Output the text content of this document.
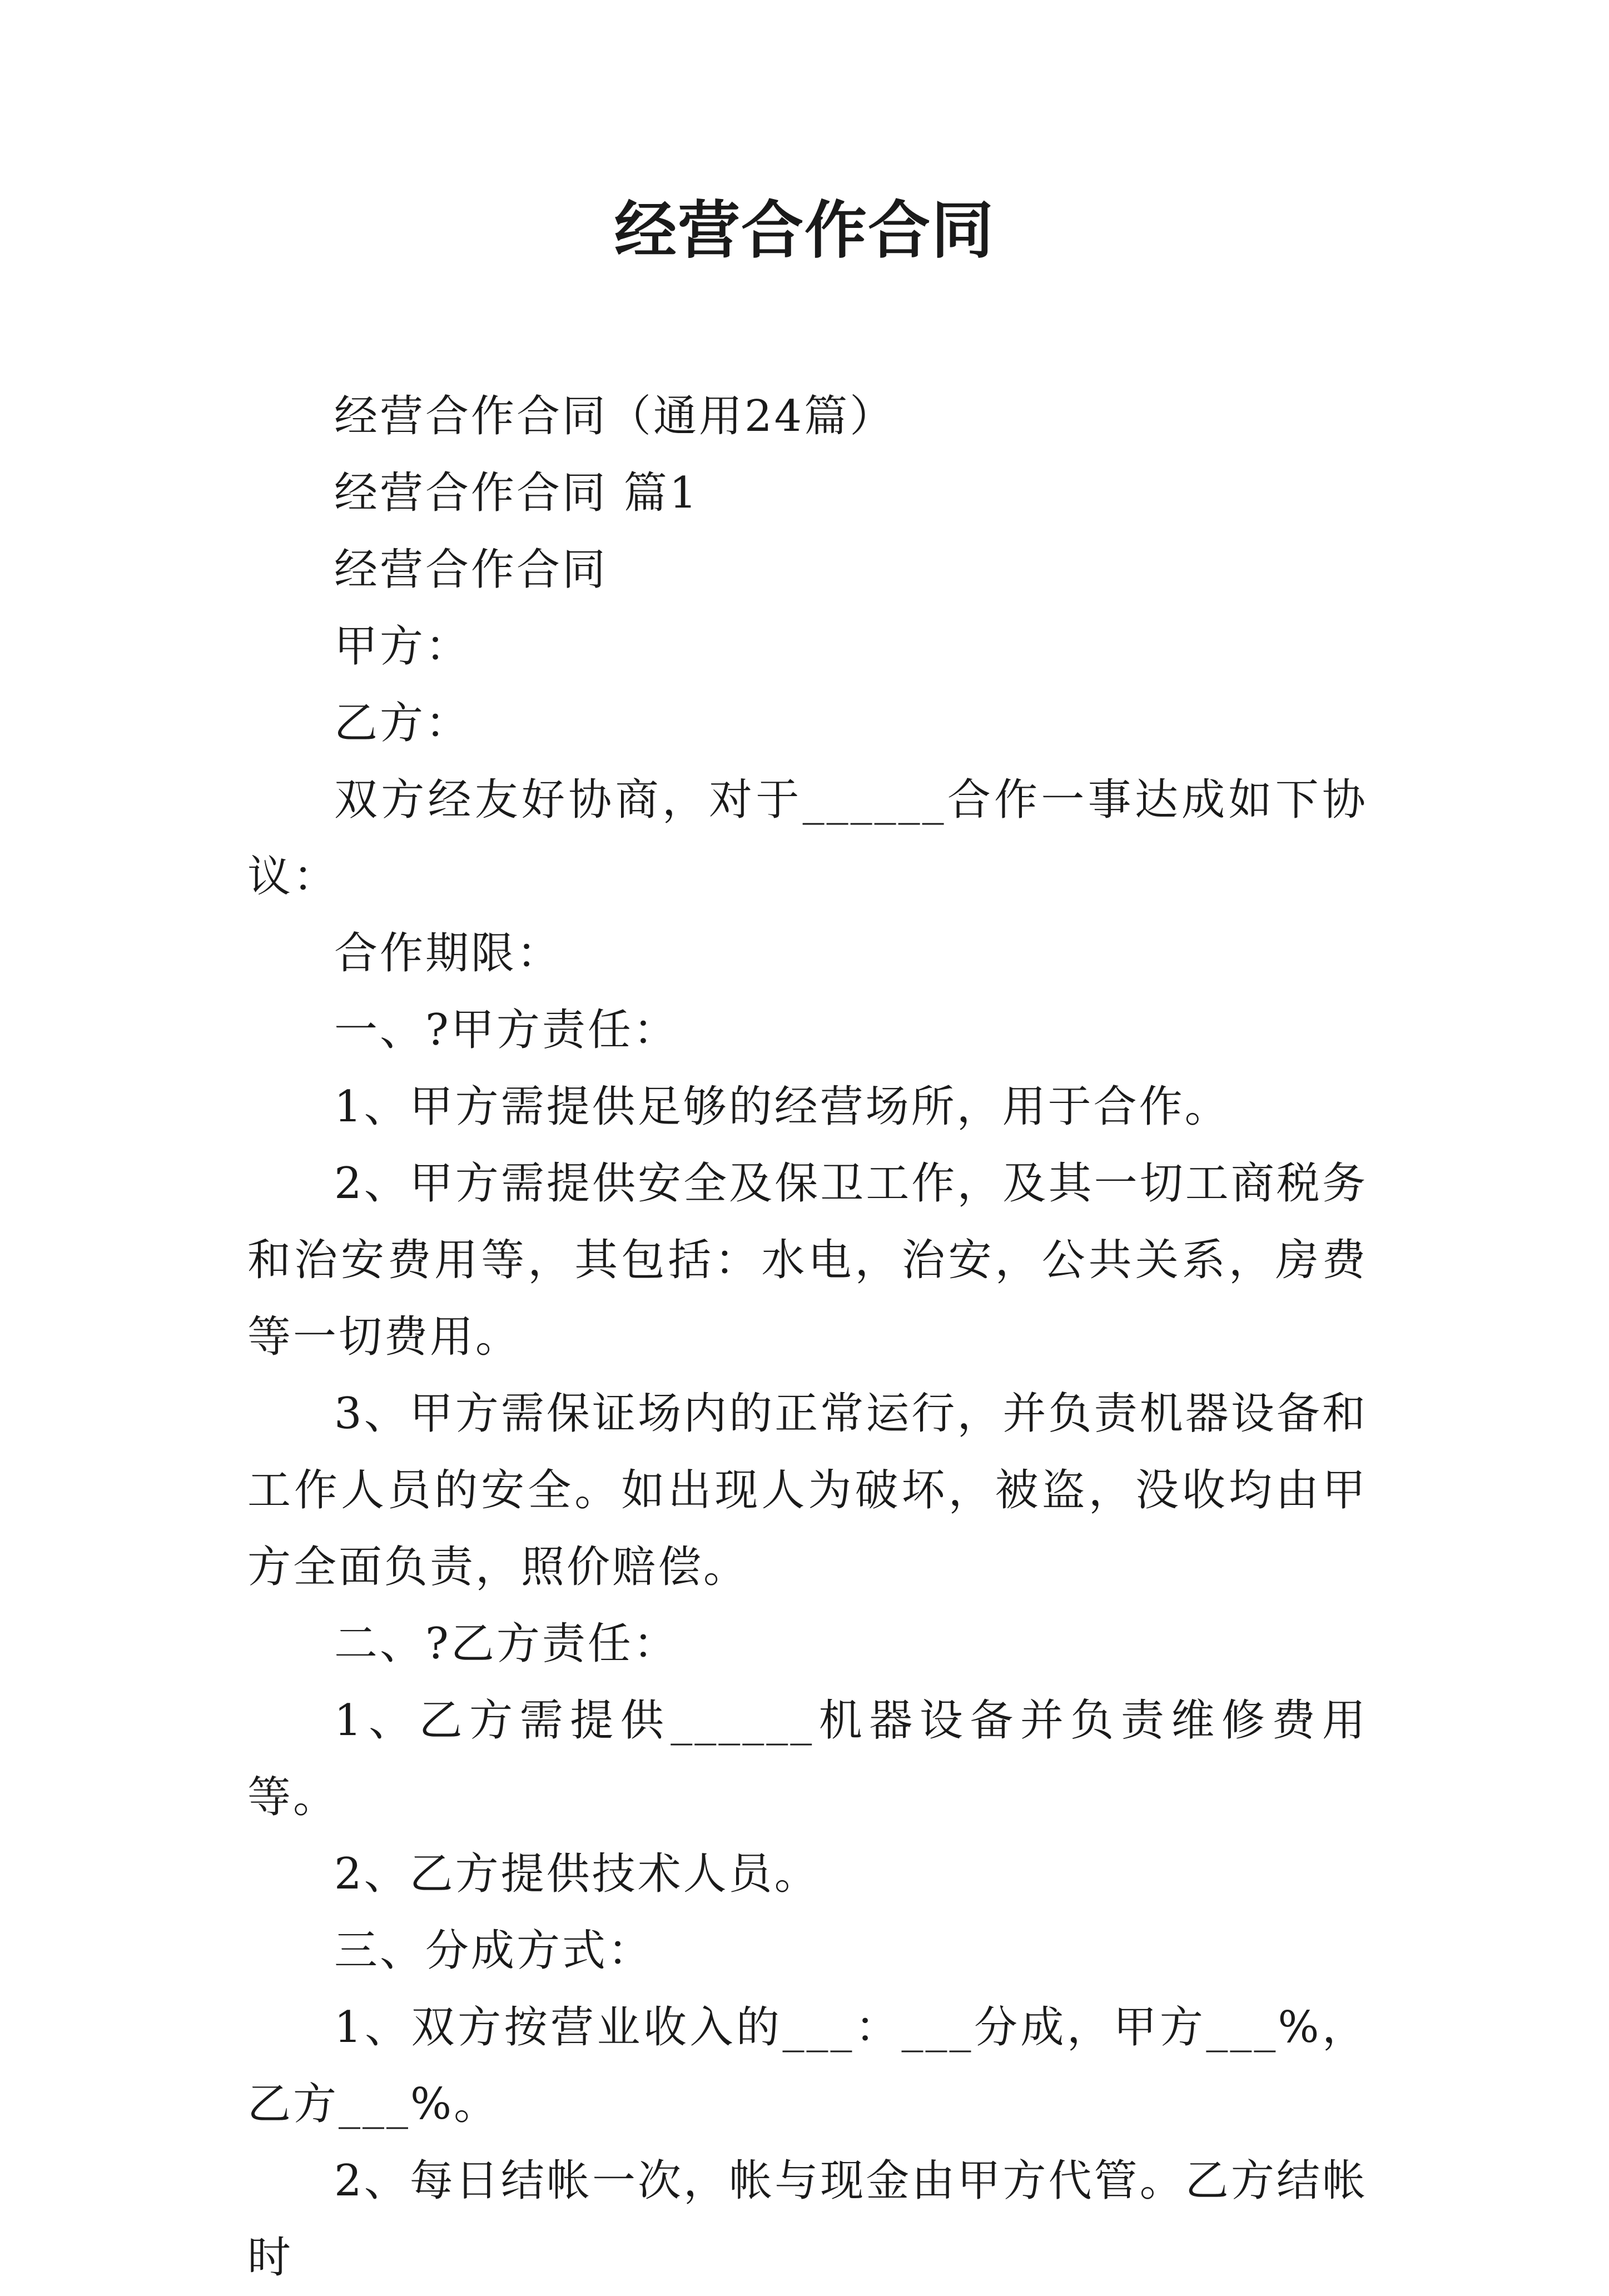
经营合作合同

经营合作合同（通用24篇）

经营合作合同 篇1

经营合作合同

甲方：

乙方：

双方经友好协商，对于______合作一事达成如下协议：

合作期限：

一、?甲方责任：

1、甲方需提供足够的经营场所，用于合作。

2、甲方需提供安全及保卫工作，及其一切工商税务和治安费用等，其包括：水电，治安，公共关系，房费等一切费用。

3、甲方需保证场内的正常运行，并负责机器设备和工作人员的安全。如出现人为破坏，被盗，没收均由甲方全面负责，照价赔偿。

二、?乙方责任：

1、乙方需提供______机器设备并负责维修费用等。

2、乙方提供技术人员。

三、分成方式：

1、双方按营业收入的___：___分成，甲方___%，乙方___%。

2、每日结帐一次，帐与现金由甲方代管。乙方结帐时
